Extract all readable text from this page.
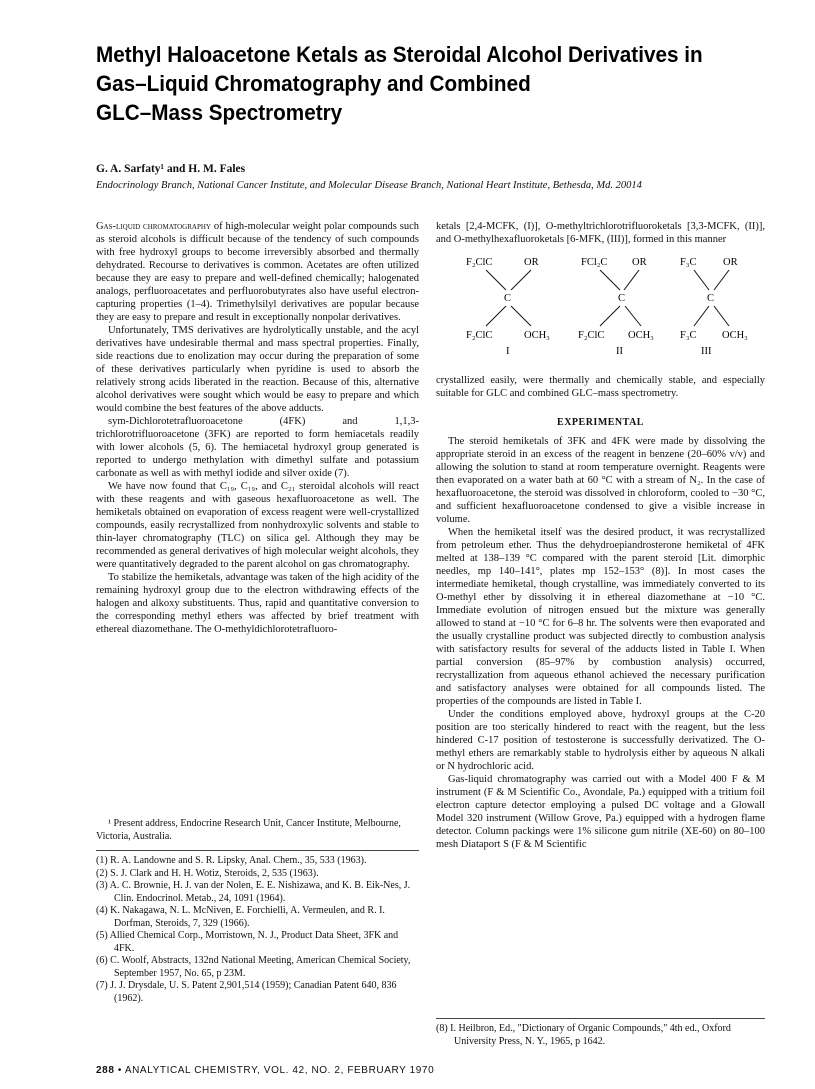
Methyl Haloacetone Ketals as Steroidal Alcohol Derivatives in
Gas–Liquid Chromatography and Combined
GLC–Mass Spectrometry
G. A. Sarfaty¹ and H. M. Fales
Endocrinology Branch, National Cancer Institute, and Molecular Disease Branch, National Heart Institute, Bethesda, Md. 20014

Gas-liquid chromatography of high-molecular weight polar compounds such as steroid alcohols is difficult because of the tendency of such compounds with free hydroxyl groups to become irreversibly absorbed and thermally dehydrated. Recourse to derivatives is common. Acetates are often utilized because they are easy to prepare and well-defined chemically; halogenated analogs, perfluoroacetates and perfluorobutyrates also have useful electron-capturing properties (1–4). Trimethylsilyl derivatives are popular because they are easy to prepare and result in exceptionally nonpolar derivatives.

Unfortunately, TMS derivatives are hydrolytically unstable, and the acyl derivatives have undesirable thermal and mass spectral properties. Finally, side reactions due to enolization may occur during the preparation of some of these derivatives particularly when pyridine is used to absorb the relatively strong acids liberated in the reaction. Because of this, alternative alcohol derivatives were sought which would be easy to prepare and which would combine the best features of the above adducts.

sym-Dichlorotetrafluoroacetone (4FK) and 1,1,3-trichlorotrifluoroacetone (3FK) are reported to form hemiacetals readily with lower alcohols (5, 6). The hemiacetal hydroxyl group generated is reported to undergo methylation with dimethyl sulfate and potassium carbonate as well as with methyl iodide and silver oxide (7).

We have now found that C₁₉, C₁₉, and C₂₁ steroidal alcohols will react with these reagents and with gaseous hexafluoroacetone as well. The hemiketals obtained on evaporation of excess reagent were well-crystallized compounds, easily recrystallized from nonhydroxylic solvents and stable to thin-layer chromatography (TLC) on silica gel. Although they may be recommended as general derivatives of high molecular weight alcohols, they were quantitatively degraded to the parent alcohol on gas chromatography.

To stabilize the hemiketals, advantage was taken of the high acidity of the remaining hydroxyl group due to the electron withdrawing effects of the halogen and alkoxy substituents. Thus, rapid and quantitative conversion to the corresponding methyl ethers was affected by brief treatment with ethereal diazomethane. The O-methyldichlorotetrafluoro-

¹ Present address, Endocrine Research Unit, Cancer Institute, Melbourne, Victoria, Australia.
(1) R. A. Landowne and S. R. Lipsky, Anal. Chem., 35, 533 (1963).
(2) S. J. Clark and H. H. Wotiz, Steroids, 2, 535 (1963).
(3) A. C. Brownie, H. J. van der Nolen, E. E. Nishizawa, and K. B. Eik-Nes, J. Clin. Endocrinol. Metab., 24, 1091 (1964).
(4) K. Nakagawa, N. L. McNiven, E. Forchielli, A. Vermeulen, and R. I. Dorfman, Steroids, 7, 329 (1966).
(5) Allied Chemical Corp., Morristown, N. J., Product Data Sheet, 3FK and 4FK.
(6) C. Woolf, Abstracts, 132nd National Meeting, American Chemical Society, September 1957, No. 65, p 23M.
(7) J. J. Drysdale, U. S. Patent 2,901,514 (1959); Canadian Patent 640, 836 (1962).

ketals [2,4-MCFK, (I)], O-methyltrichlorotrifluoroketals [3,3-MCFK, (II)], and O-methylhexafluoroketals [6-MFK, (III)], formed in this manner

F₂ClC	OR
C
F₂ClC	OCH₃
I
FCl₂C OR
C
F₂ClC OCH₃
II
F₃C	OR
C
F₃C OCH₃
III

crystallized easily, were thermally and chemically stable, and especially suitable for GLC and combined GLC–mass spectrometry.

EXPERIMENTAL

The steroid hemiketals of 3FK and 4FK were made by dissolving the appropriate steroid in an excess of the reagent in benzene (20–60% v/v) and allowing the solution to stand at room temperature overnight. Reagents were then evaporated on a water bath at 60 °C with a stream of N₂. In the case of hexafluoroacetone, the steroid was dissolved in chloroform, cooled to −30 °C, and sufficient hexafluoroacetone condensed to give a visible increase in volume.

When the hemiketal itself was the desired product, it was recrystallized from petroleum ether. Thus the dehydroepiandrosterone hemiketal of 4FK melted at 138–139 °C compared with the parent steroid [Lit. dimorphic needles, mp 140–141°, plates mp 152–153° (8)]. In most cases the intermediate hemiketal, though crystalline, was immediately converted to its O-methyl ether by dissolving it in ethereal diazomethane at −10 °C. Immediate evolution of nitrogen ensued but the mixture was generally allowed to stand at −10 °C for 6–8 hr. The solvents were then evaporated and the usually crystalline product was subjected directly to combustion analysis with satisfactory results for several of the adducts listed in Table I. When partial conversion (85–97% by combustion analysis) occurred, recrystallization from aqueous ethanol achieved the necessary purification and satisfactory analyses were obtained for all compounds listed. The properties of the compounds are listed in Table I.

Under the conditions employed above, hydroxyl groups at the C-20 position are too sterically hindered to react with the reagent, but the less hindered C-17 position of testosterone is successfully derivatized. The O-methyl ethers are remarkably stable to hydrolysis either by aqueous N alkali or N hydrochloric acid.

Gas-liquid chromatography was carried out with a Model 400 F & M instrument (F & M Scientific Co., Avondale, Pa.) equipped with a tritium foil electron capture detector employing a pulsed DC voltage and a Glowall Model 320 instrument (Willow Grove, Pa.) equipped with a hydrogen flame detector. Column packings were 1% silicone gum nitrile (XE-60) on 80–100 mesh Diataport S (F & M Scientific

(8) I. Heilbron, Ed., "Dictionary of Organic Compounds," 4th ed., Oxford University Press, N. Y., 1965, p 1642.
288 • ANALYTICAL CHEMISTRY, VOL. 42, NO. 2, FEBRUARY 1970
